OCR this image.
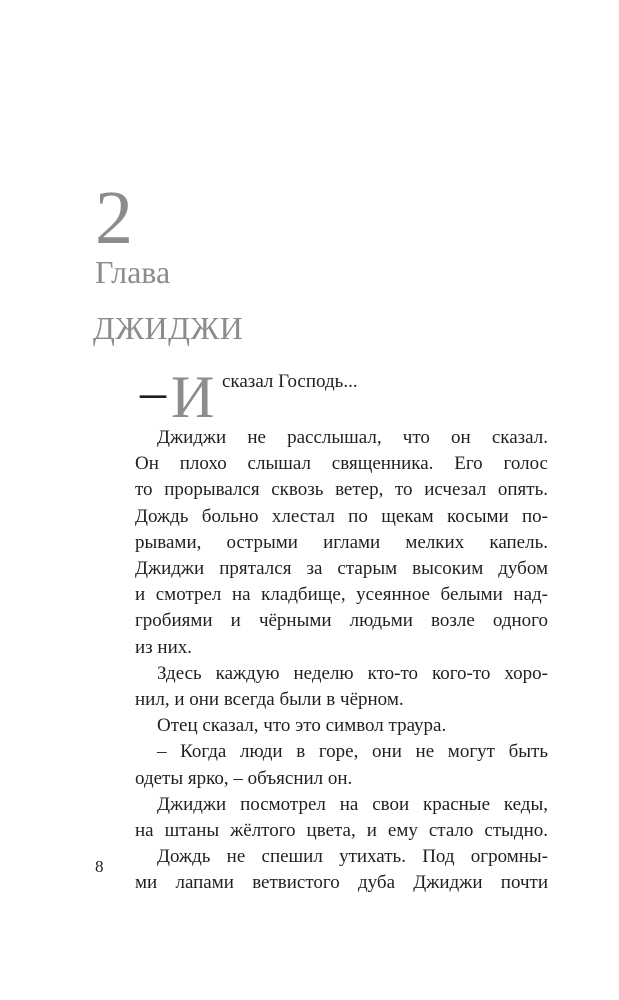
2
Глава
ДЖИДЖИ
– И сказал Господь...
Джиджи не расслышал, что он сказал.
Он плохо слышал священника. Его голос
то прорывался сквозь ветер, то исчезал опять.
Дождь больно хлестал по щекам косыми по-
рывами, острыми иглами мелких капель.
Джиджи прятался за старым высоким дубом
и смотрел на кладбище, усеянное белыми над-
гробиями и чёрными людьми возле одного
из них.
Здесь каждую неделю кто-то кого-то хоро-
нил, и они всегда были в чёрном.
Отец сказал, что это символ траура.
– Когда люди в горе, они не могут быть
одеты ярко, – объяснил он.
Джиджи посмотрел на свои красные кеды,
на штаны жёлтого цвета, и ему стало стыдно.
Дождь не спешил утихать. Под огромны-
ми лапами ветвистого дуба Джиджи почти
8
